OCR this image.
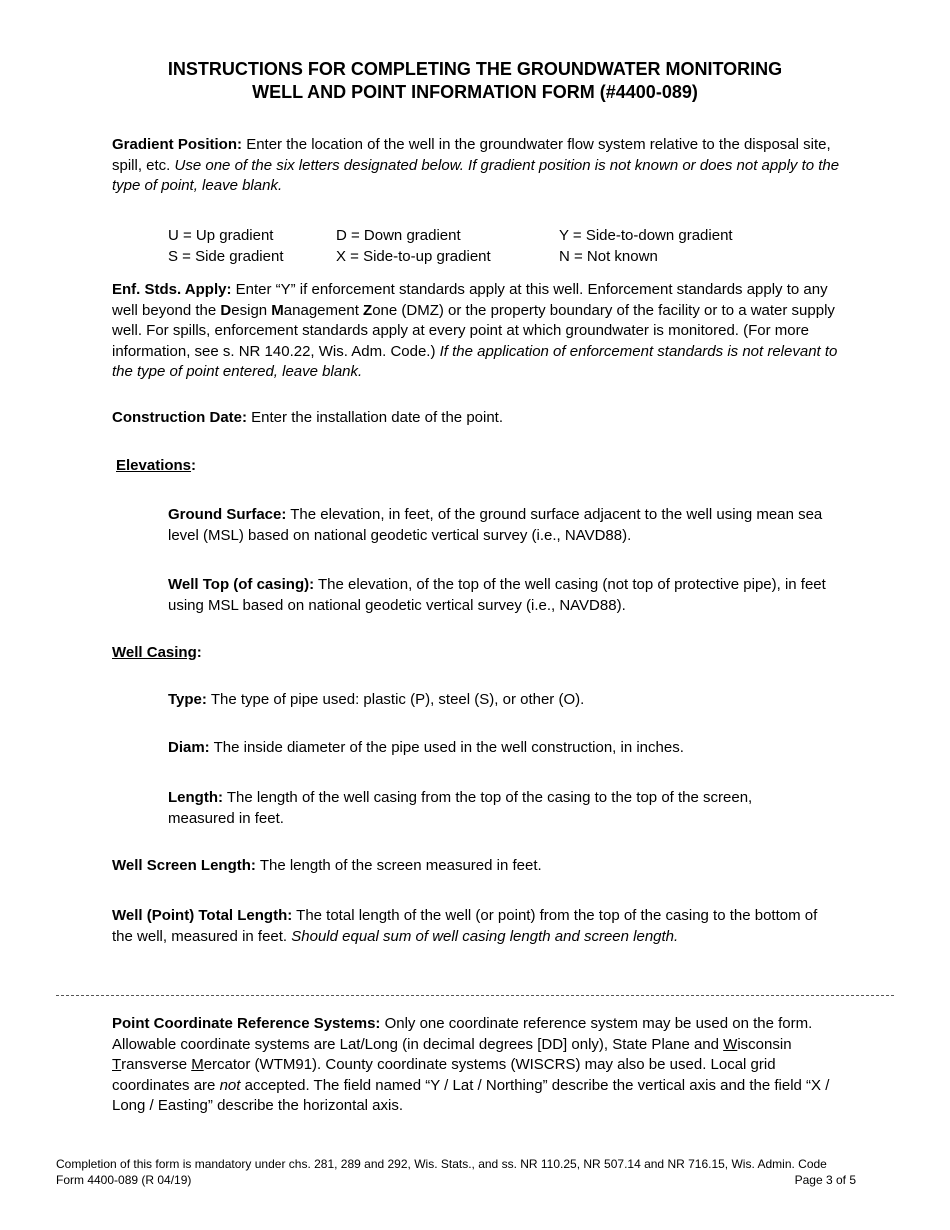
INSTRUCTIONS FOR COMPLETING THE GROUNDWATER MONITORING
WELL AND POINT INFORMATION FORM (#4400-089)
Gradient Position: Enter the location of the well in the groundwater flow system relative to the disposal site, spill, etc. Use one of the six letters designated below. If gradient position is not known or does not apply to the type of point, leave blank.
U = Up gradient	D = Down gradient	Y = Side-to-down gradient
S = Side gradient	X = Side-to-up gradient	N = Not known
Enf. Stds. Apply: Enter “Y” if enforcement standards apply at this well. Enforcement standards apply to any well beyond the Design Management Zone (DMZ) or the property boundary of the facility or to a water supply well. For spills, enforcement standards apply at every point at which groundwater is monitored. (For more information, see s. NR 140.22, Wis. Adm. Code.) If the application of enforcement standards is not relevant to the type of point entered, leave blank.
Construction Date: Enter the installation date of the point.
Elevations:
Ground Surface: The elevation, in feet, of the ground surface adjacent to the well using mean sea level (MSL) based on national geodetic vertical survey (i.e., NAVD88).
Well Top (of casing): The elevation, of the top of the well casing (not top of protective pipe), in feet using MSL based on national geodetic vertical survey (i.e., NAVD88).
Well Casing:
Type: The type of pipe used: plastic (P), steel (S), or other (O).
Diam: The inside diameter of the pipe used in the well construction, in inches.
Length: The length of the well casing from the top of the casing to the top of the screen, measured in feet.
Well Screen Length: The length of the screen measured in feet.
Well (Point) Total Length: The total length of the well (or point) from the top of the casing to the bottom of the well, measured in feet. Should equal sum of well casing length and screen length.
Point Coordinate Reference Systems: Only one coordinate reference system may be used on the form. Allowable coordinate systems are Lat/Long (in decimal degrees [DD] only), State Plane and Wisconsin Transverse Mercator (WTM91). County coordinate systems (WISCRS) may also be used. Local grid coordinates are not accepted. The field named “Y / Lat / Northing” describe the vertical axis and the field “X / Long / Easting” describe the horizontal axis.
Completion of this form is mandatory under chs. 281, 289 and 292, Wis. Stats., and ss. NR 110.25, NR 507.14 and NR 716.15, Wis. Admin. Code
Form 4400-089 (R 04/19)	Page 3 of 5
